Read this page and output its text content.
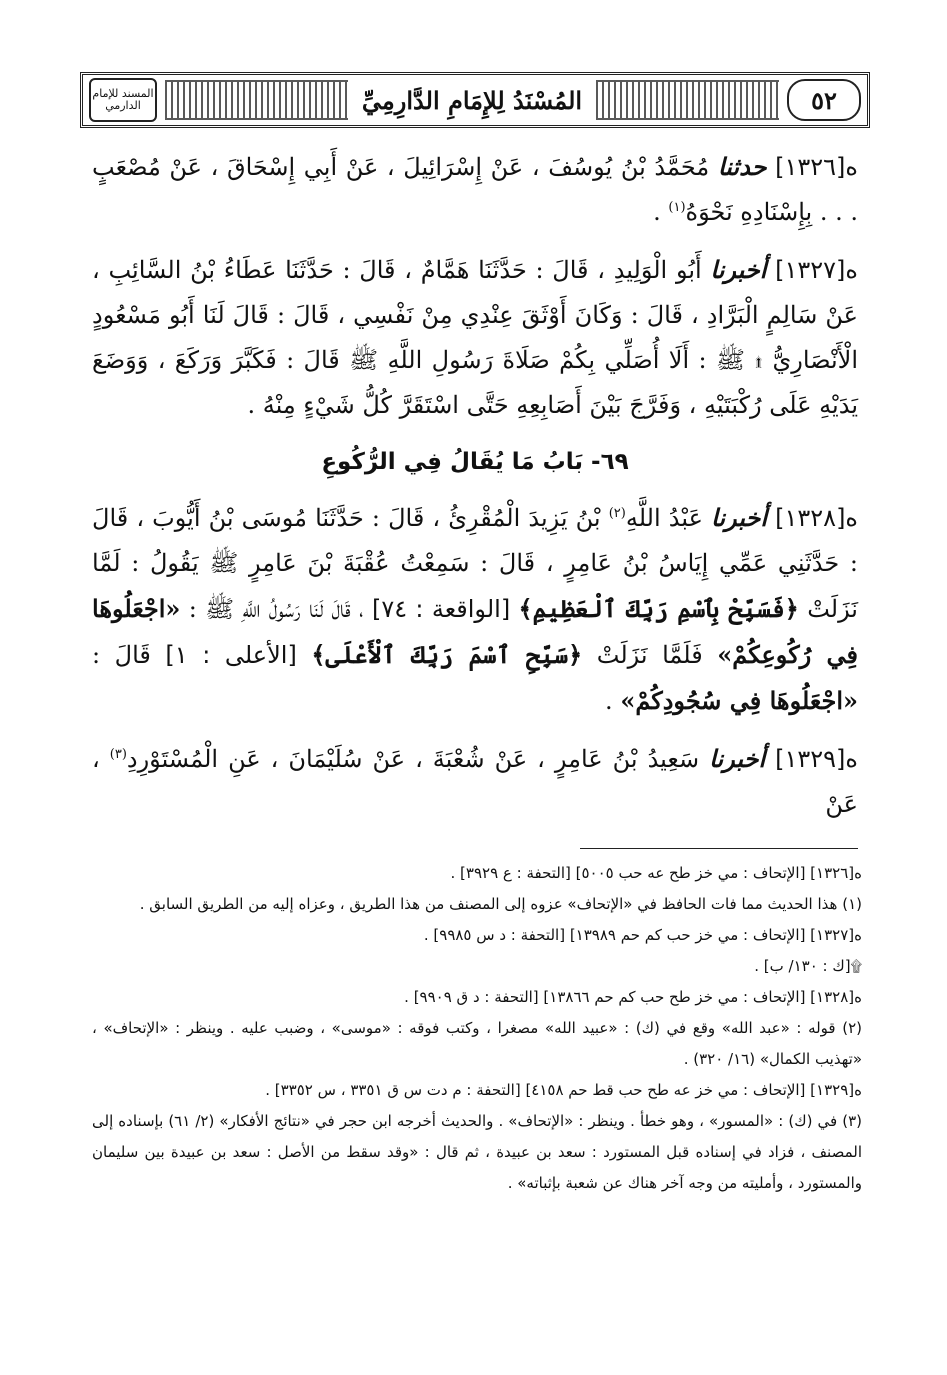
المسند للإمام الدارمي	المُسْنَدُ لِلإِمَامِ الدَّارِمِيِّ	٥٢

ه[١٣٢٦] حدثنا مُحَمَّدُ بْنُ يُوسُفَ ، عَنْ إِسْرَائِيلَ ، عَنْ أَبِي إِسْحَاقَ ، عَنْ مُصْعَبٍ . . . بِإِسْنَادِهِ نَحْوَهُ$^{(١)}$ .

ه[١٣٢٧] أخبرنا أَبُو الْوَلِيدِ ، قَالَ : حَدَّثَنَا هَمَّامٌ ، قَالَ : حَدَّثَنَا عَطَاءُ بْنُ السَّائِبِ ، عَنْ سَالِمٍ الْبَرَّادِ ، قَالَ : وَكَانَ أَوْثَقَ عِنْدِي مِنْ نَفْسِي ، قَالَ : قَالَ لَنَا أَبُو مَسْعُودٍ الْأَنْصَارِيُّ ۩ ﷺ : أَلَا أُصَلِّي بِكُمْ صَلَاةَ رَسُولِ اللَّهِ ﷺ قَالَ : فَكَبَّرَ وَرَكَعَ ، وَوَضَعَ يَدَيْهِ عَلَى رُكْبَتَيْهِ ، وَفَرَّجَ بَيْنَ أَصَابِعِهِ حَتَّى اسْتَقَرَّ كُلُّ شَيْءٍ مِنْهُ .

٦٩- بَابُ مَا يُقَالُ فِي الرُّكُوعِ

ه[١٣٢٨] أخبرنا عَبْدُ اللَّهِ$^{(٢)}$ بْنُ يَزِيدَ الْمُقْرِئُ ، قَالَ : حَدَّثَنَا مُوسَى بْنُ أَيُّوبَ ، قَالَ : حَدَّثَنِي عَمِّي إِيَاسُ بْنُ عَامِرٍ ، قَالَ : سَمِعْتُ عُقْبَةَ بْنَ عَامِرٍ ﷺ يَقُولُ : لَمَّا نَزَلَتْ ﴿فَسَبِّحْ بِٱسْمِ رَبِّكَ ٱلْعَظِيمِ﴾ [الواقعة : ٧٤] ، قَالَ لَنَا رَسُولُ اللَّهِ ﷺ : «اجْعَلُوهَا فِي رُكُوعِكُمْ» فَلَمَّا نَزَلَتْ ﴿سَبِّحِ ٱسْمَ رَبِّكَ ٱلْأَعْلَى﴾ [الأعلى : ١] قَالَ : «اجْعَلُوهَا فِي سُجُودِكُمْ» .

ه[١٣٢٩] أخبرنا سَعِيدُ بْنُ عَامِرٍ ، عَنْ شُعْبَةَ ، عَنْ سُلَيْمَانَ ، عَنِ الْمُسْتَوْرِدِ$^{(٣)}$ ، عَنْ

ه[١٣٢٦] [الإتحاف : مي خز طح عه حب ٥٠٠٥] [التحفة : ع ٣٩٢٩] .

(١) هذا الحديث مما فات الحافظ في «الإتحاف» عزوه إلى المصنف من هذا الطريق ، وعزاه إليه من الطريق السابق .

ه[١٣٢٧] [الإتحاف : مي خز حب كم حم ١٣٩٨٩] [التحفة : د س ٩٩٨٥] .

۩[ك : ١٣٠/ ب] .

ه[١٣٢٨] [الإتحاف : مي خز طح حب كم حم ١٣٨٦٦] [التحفة : د ق ٩٩٠٩] .

(٢) قوله : «عبد الله» وقع في (ك) : «عبيد الله» مصغرا ، وكتب فوقه : «موسى» ، وضبب عليه . وينظر : «الإتحاف» ، «تهذيب الكمال» (١٦/ ٣٢٠) .

ه[١٣٢٩] [الإتحاف : مي خز عه طح حب قط حم ٤١٥٨] [التحفة : م دت س ق ٣٣٥١ ، س ٣٣٥٢] .

(٣) في (ك) : «المسور» ، وهو خطأ . وينظر : «الإتحاف» . والحديث أخرجه ابن حجر في «نتائج الأفكار» (٢/ ٦١) بإسناده إلى المصنف ، فزاد في إسناده قبل المستورد : سعد بن عبيدة ، ثم قال : «وقد سقط من الأصل : سعد بن عبيدة بين سليمان والمستورد ، وأمليته من وجه آخر هناك عن شعبة بإثباته» .
